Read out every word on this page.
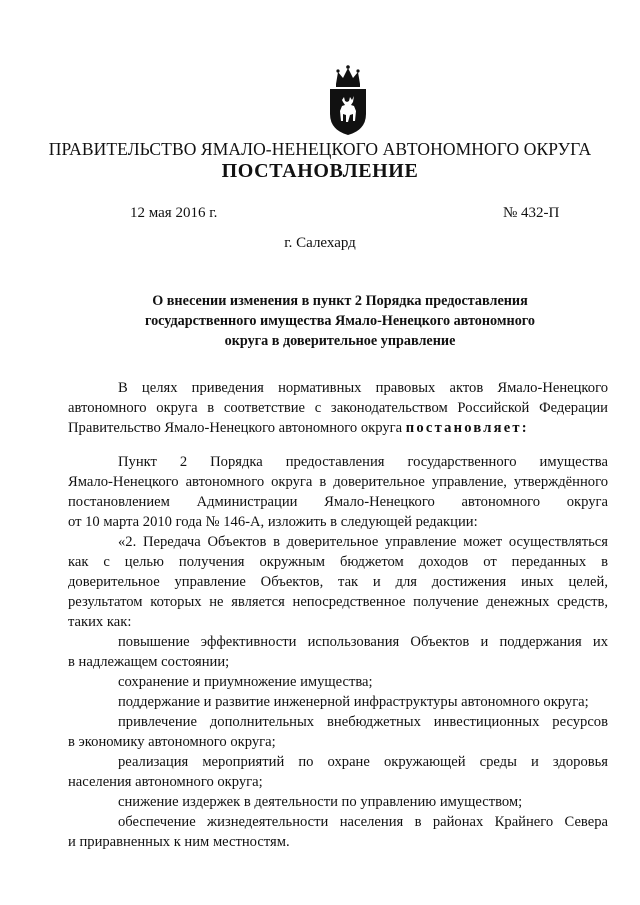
ПРАВИТЕЛЬСТВО ЯМАЛО-НЕНЕЦКОГО АВТОНОМНОГО ОКРУГА
ПОСТАНОВЛЕНИЕ
12 мая 2016 г.	№ 432-П
г. Салехард
О внесении изменения в пункт 2 Порядка предоставления
государственного имущества Ямало-Ненецкого автономного
округа в доверительное управление

В целях приведения нормативных правовых актов Ямало-Ненецкого
автономного округа в соответствие с законодательством Российской Федерации
Правительство Ямало-Ненецкого автономного округа постановляет:

Пункт 2 Порядка предоставления государственного имущества
Ямало-Ненецкого автономного округа в доверительное управление, утверждённого
постановлением Администрации Ямало-Ненецкого автономного округа
от 10 марта 2010 года № 146-А, изложить в следующей редакции:

«2. Передача Объектов в доверительное управление может осуществляться
как с целью получения окружным бюджетом доходов от переданных в
доверительное управление Объектов, так и для достижения иных целей,
результатом которых не является непосредственное получение денежных средств,
таких как:

повышение эффективности использования Объектов и поддержания их
в надлежащем состоянии;

сохранение и приумножение имущества;

поддержание и развитие инженерной инфраструктуры автономного округа;

привлечение дополнительных внебюджетных инвестиционных ресурсов
в экономику автономного округа;

реализация мероприятий по охране окружающей среды и здоровья
населения автономного округа;

снижение издержек в деятельности по управлению имуществом;

обеспечение жизнедеятельности населения в районах Крайнего Севера
и приравненных к ним местностям.
